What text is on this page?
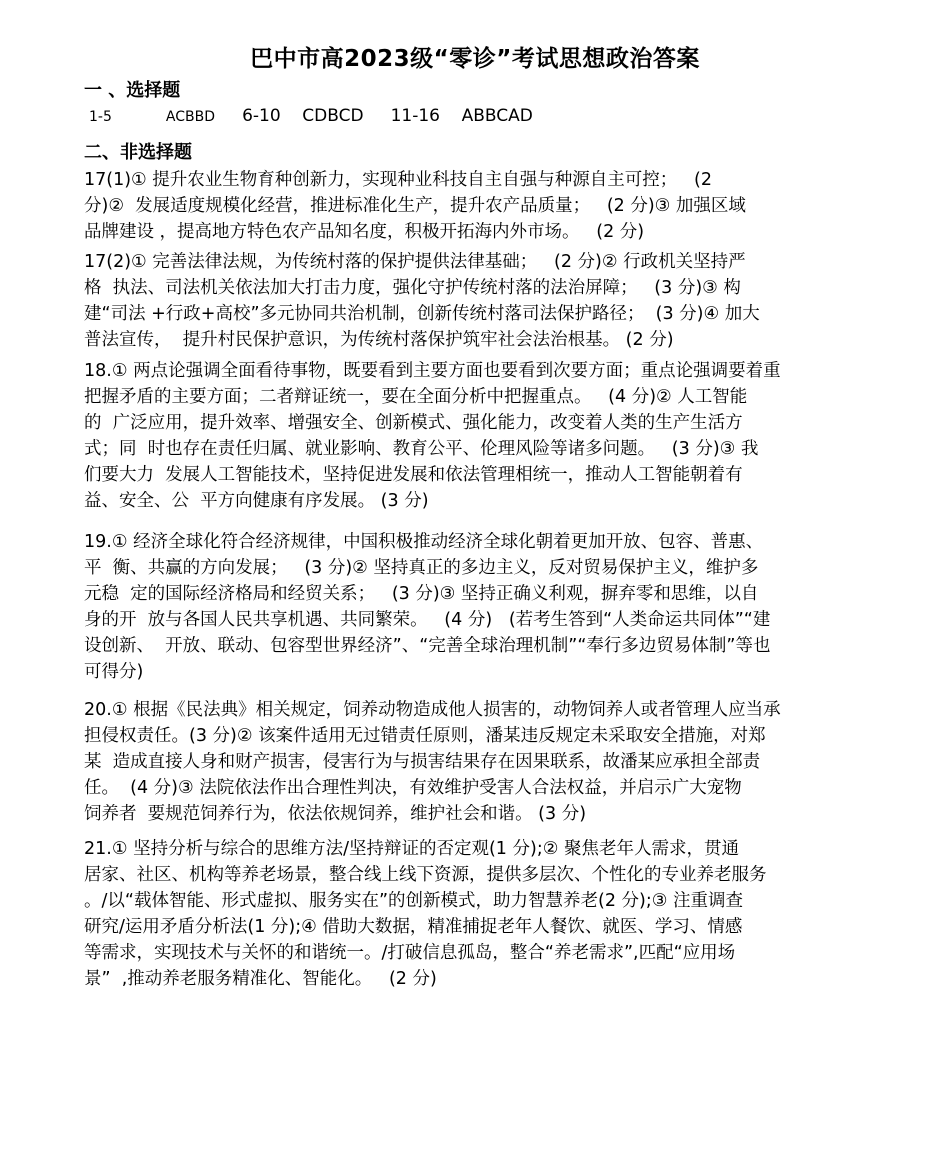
巴中市高2023级“零诊”考试思想政治答案
一 、选择题
1-5	ACBBD 6-10    CDBCD     11-16    ABBCAD
二、非选择题
17(1)① 提升农业生物育种创新力，实现种业科技自主自强与种源自主可控；   (2
分)②  发展适度规模化经营，推进标准化生产，提升农产品质量；   (2 分)③ 加强区域
品牌建设 ，提高地方特色农产品知名度，积极开拓海内外市场。   (2 分)
17(2)① 完善法律法规，为传统村落的保护提供法律基础；   (2 分)② 行政机关坚持严
格  执法、司法机关依法加大打击力度，强化守护传统村落的法治屏障；   (3 分)③ 构
建“司法 +行政+高校”多元协同共治机制，创新传统村落司法保护路径；  (3 分)④ 加大
普法宣传，  提升村民保护意识，为传统村落保护筑牢社会法治根基。 (2 分)
18.① 两点论强调全面看待事物，既要看到主要方面也要看到次要方面；重点论强调要着重
把握矛盾的主要方面；二者辩证统一，要在全面分析中把握重点。   (4 分)② 人工智能
的  广泛应用，提升效率、增强安全、创新模式、强化能力，改变着人类的生产生活方
式；同  时也存在责任归属、就业影响、教育公平、伦理风险等诸多问题。   (3 分)③ 我
们要大力  发展人工智能技术，坚持促进发展和依法管理相统一，推动人工智能朝着有
益、安全、公  平方向健康有序发展。 (3 分)
19.① 经济全球化符合经济规律，中国积极推动经济全球化朝着更加开放、包容、普惠、
平  衡、共赢的方向发展；   (3 分)② 坚持真正的多边主义，反对贸易保护主义，维护多
元稳  定的国际经济格局和经贸关系；   (3 分)③ 坚持正确义利观，摒弃零和思维，以自
身的开  放与各国人民共享机遇、共同繁荣。   (4 分)   (若考生答到“人类命运共同体”“建
设创新、  开放、联动、包容型世界经济”、“完善全球治理机制”“奉行多边贸易体制”等也
可得分)
20.① 根据《民法典》相关规定，饲养动物造成他人损害的，动物饲养人或者管理人应当承
担侵权责任。(3 分)② 该案件适用无过错责任原则，潘某违反规定未采取安全措施，对郑
某  造成直接人身和财产损害，侵害行为与损害结果存在因果联系，故潘某应承担全部责
任。  (4 分)③ 法院依法作出合理性判决，有效维护受害人合法权益，并启示广大宠物
饲养者  要规范饲养行为，依法依规饲养，维护社会和谐。 (3 分)
21.① 坚持分析与综合的思维方法/坚持辩证的否定观(1 分);② 聚焦老年人需求，贯通
居家、社区、机构等养老场景，整合线上线下资源，提供多层次、个性化的专业养老服务
。/以“载体智能、形式虚拟、服务实在”的创新模式，助力智慧养老(2 分);③ 注重调查
研究/运用矛盾分析法(1 分);④ 借助大数据，精准捕捉老年人餐饮、就医、学习、情感
等需求，实现技术与关怀的和谐统一。/打破信息孤岛，整合“养老需求”,匹配“应用场
景”  ,推动养老服务精准化、智能化。   (2 分)
